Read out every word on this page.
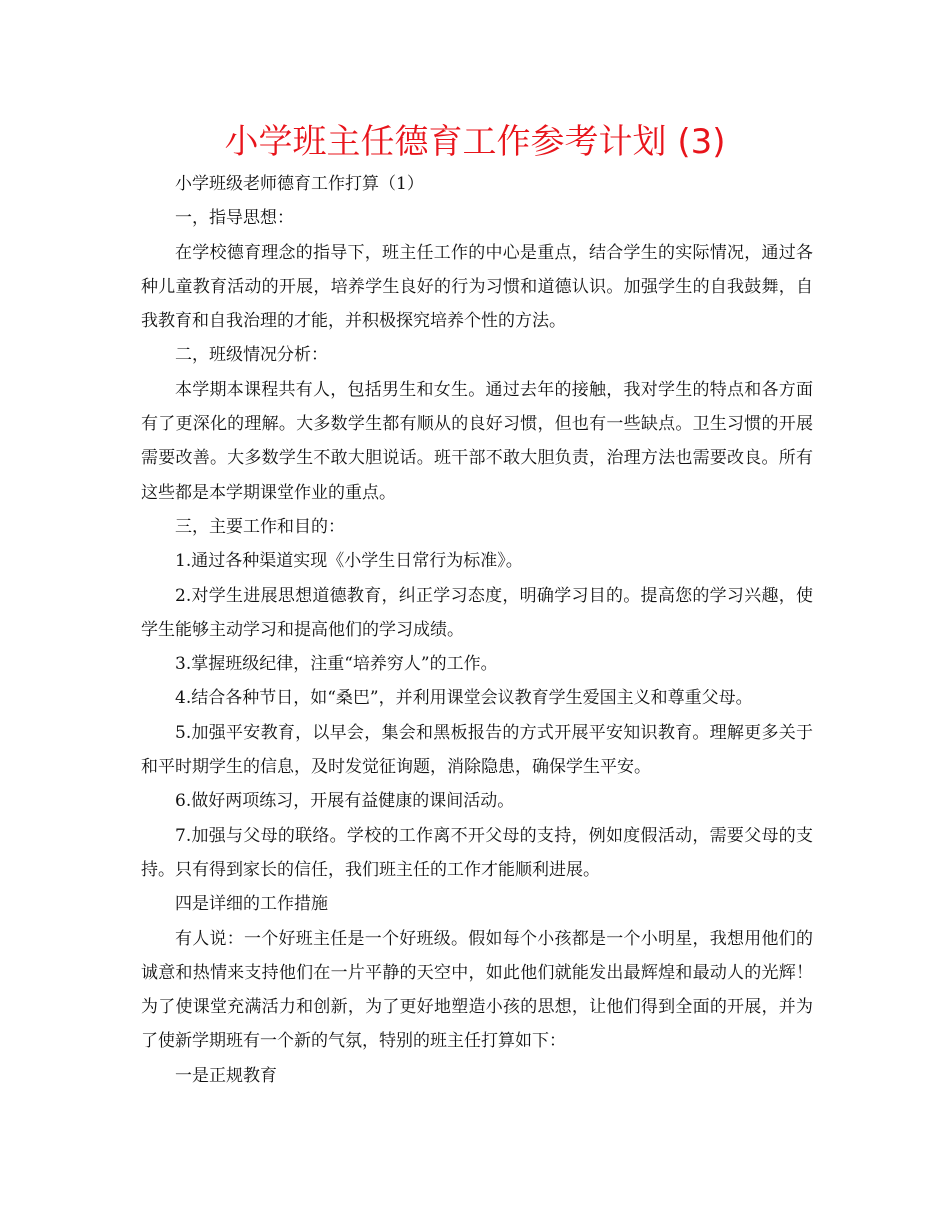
小学班主任德育工作参考计划 (3)

小学班级老师德育工作打算（1）

一，指导思想：

在学校德育理念的指导下，班主任工作的中心是重点，结合学生的实际情况，通过各种儿童教育活动的开展，培养学生良好的行为习惯和道德认识。加强学生的自我鼓舞，自我教育和自我治理的才能，并积极探究培养个性的方法。

二，班级情况分析：

本学期本课程共有人，包括男生和女生。通过去年的接触，我对学生的特点和各方面有了更深化的理解。大多数学生都有顺从的良好习惯，但也有一些缺点。卫生习惯的开展需要改善。大多数学生不敢大胆说话。班干部不敢大胆负责，治理方法也需要改良。所有这些都是本学期课堂作业的重点。

三，主要工作和目的：

1.通过各种渠道实现《小学生日常行为标准》。

2.对学生进展思想道德教育，纠正学习态度，明确学习目的。提高您的学习兴趣，使学生能够主动学习和提高他们的学习成绩。

3.掌握班级纪律，注重“培养穷人”的工作。

4.结合各种节日，如“桑巴”，并利用课堂会议教育学生爱国主义和尊重父母。

5.加强平安教育，以早会，集会和黑板报告的方式开展平安知识教育。理解更多关于和平时期学生的信息，及时发觉征询题，消除隐患，确保学生平安。

6.做好两项练习，开展有益健康的课间活动。

7.加强与父母的联络。学校的工作离不开父母的支持，例如度假活动，需要父母的支持。只有得到家长的信任，我们班主任的工作才能顺利进展。

四是详细的工作措施

有人说：一个好班主任是一个好班级。假如每个小孩都是一个小明星，我想用他们的诚意和热情来支持他们在一片平静的天空中，如此他们就能发出最辉煌和最动人的光辉！为了使课堂充满活力和创新，为了更好地塑造小孩的思想，让他们得到全面的开展，并为了使新学期班有一个新的气氛，特别的班主任打算如下：

一是正规教育
